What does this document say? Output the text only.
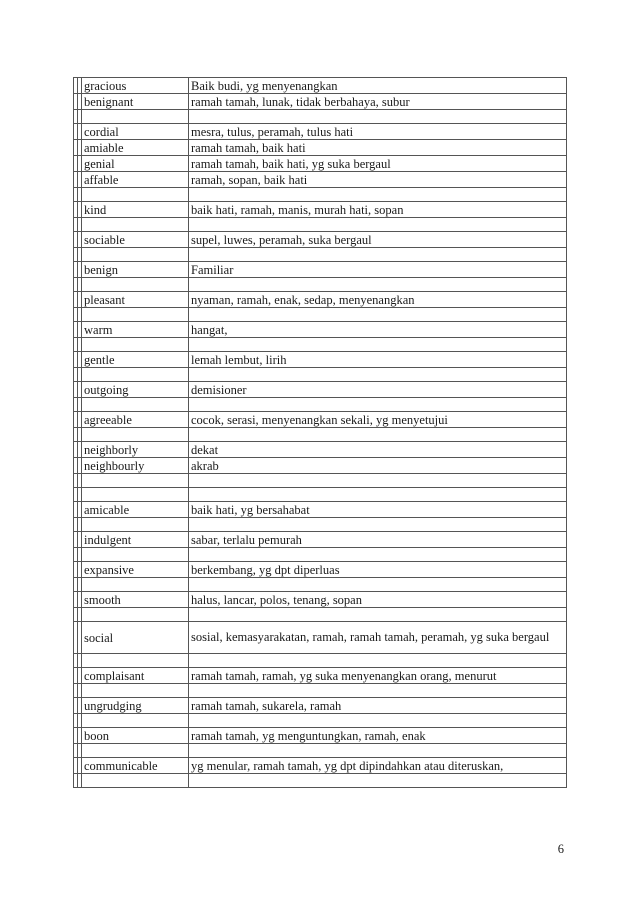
		gracious	Baik budi, yg menyenangkan
		benignant	ramah tamah, lunak, tidak berbahaya, subur

		cordial	mesra, tulus, peramah, tulus hati
		amiable	ramah tamah, baik hati
		genial	ramah tamah, baik hati, yg suka bergaul
		affable	ramah, sopan, baik hati

		kind	baik hati, ramah, manis, murah hati, sopan

		sociable	supel, luwes, peramah, suka bergaul

		benign	Familiar

		pleasant	nyaman, ramah, enak, sedap, menyenangkan

		warm	hangat,

		gentle	lemah lembut, lirih

		outgoing	demisioner

		agreeable	cocok, serasi, menyenangkan sekali, yg menyetujui

		neighborly	dekat
		neighbourly	akrab

		amicable	baik hati, yg bersahabat

		indulgent	sabar, terlalu pemurah

		expansive	berkembang, yg dpt diperluas

		smooth	halus, lancar, polos, tenang, sopan

		social	sosial, kemasyarakatan, ramah, ramah tamah, peramah, yg suka bergaul

		complaisant	ramah tamah, ramah, yg suka menyenangkan orang, menurut

		ungrudging	ramah tamah, sukarela, ramah

		boon	ramah tamah, yg menguntungkan, ramah, enak

		communicable	yg menular, ramah tamah, yg dpt dipindahkan atau diteruskan,

6
